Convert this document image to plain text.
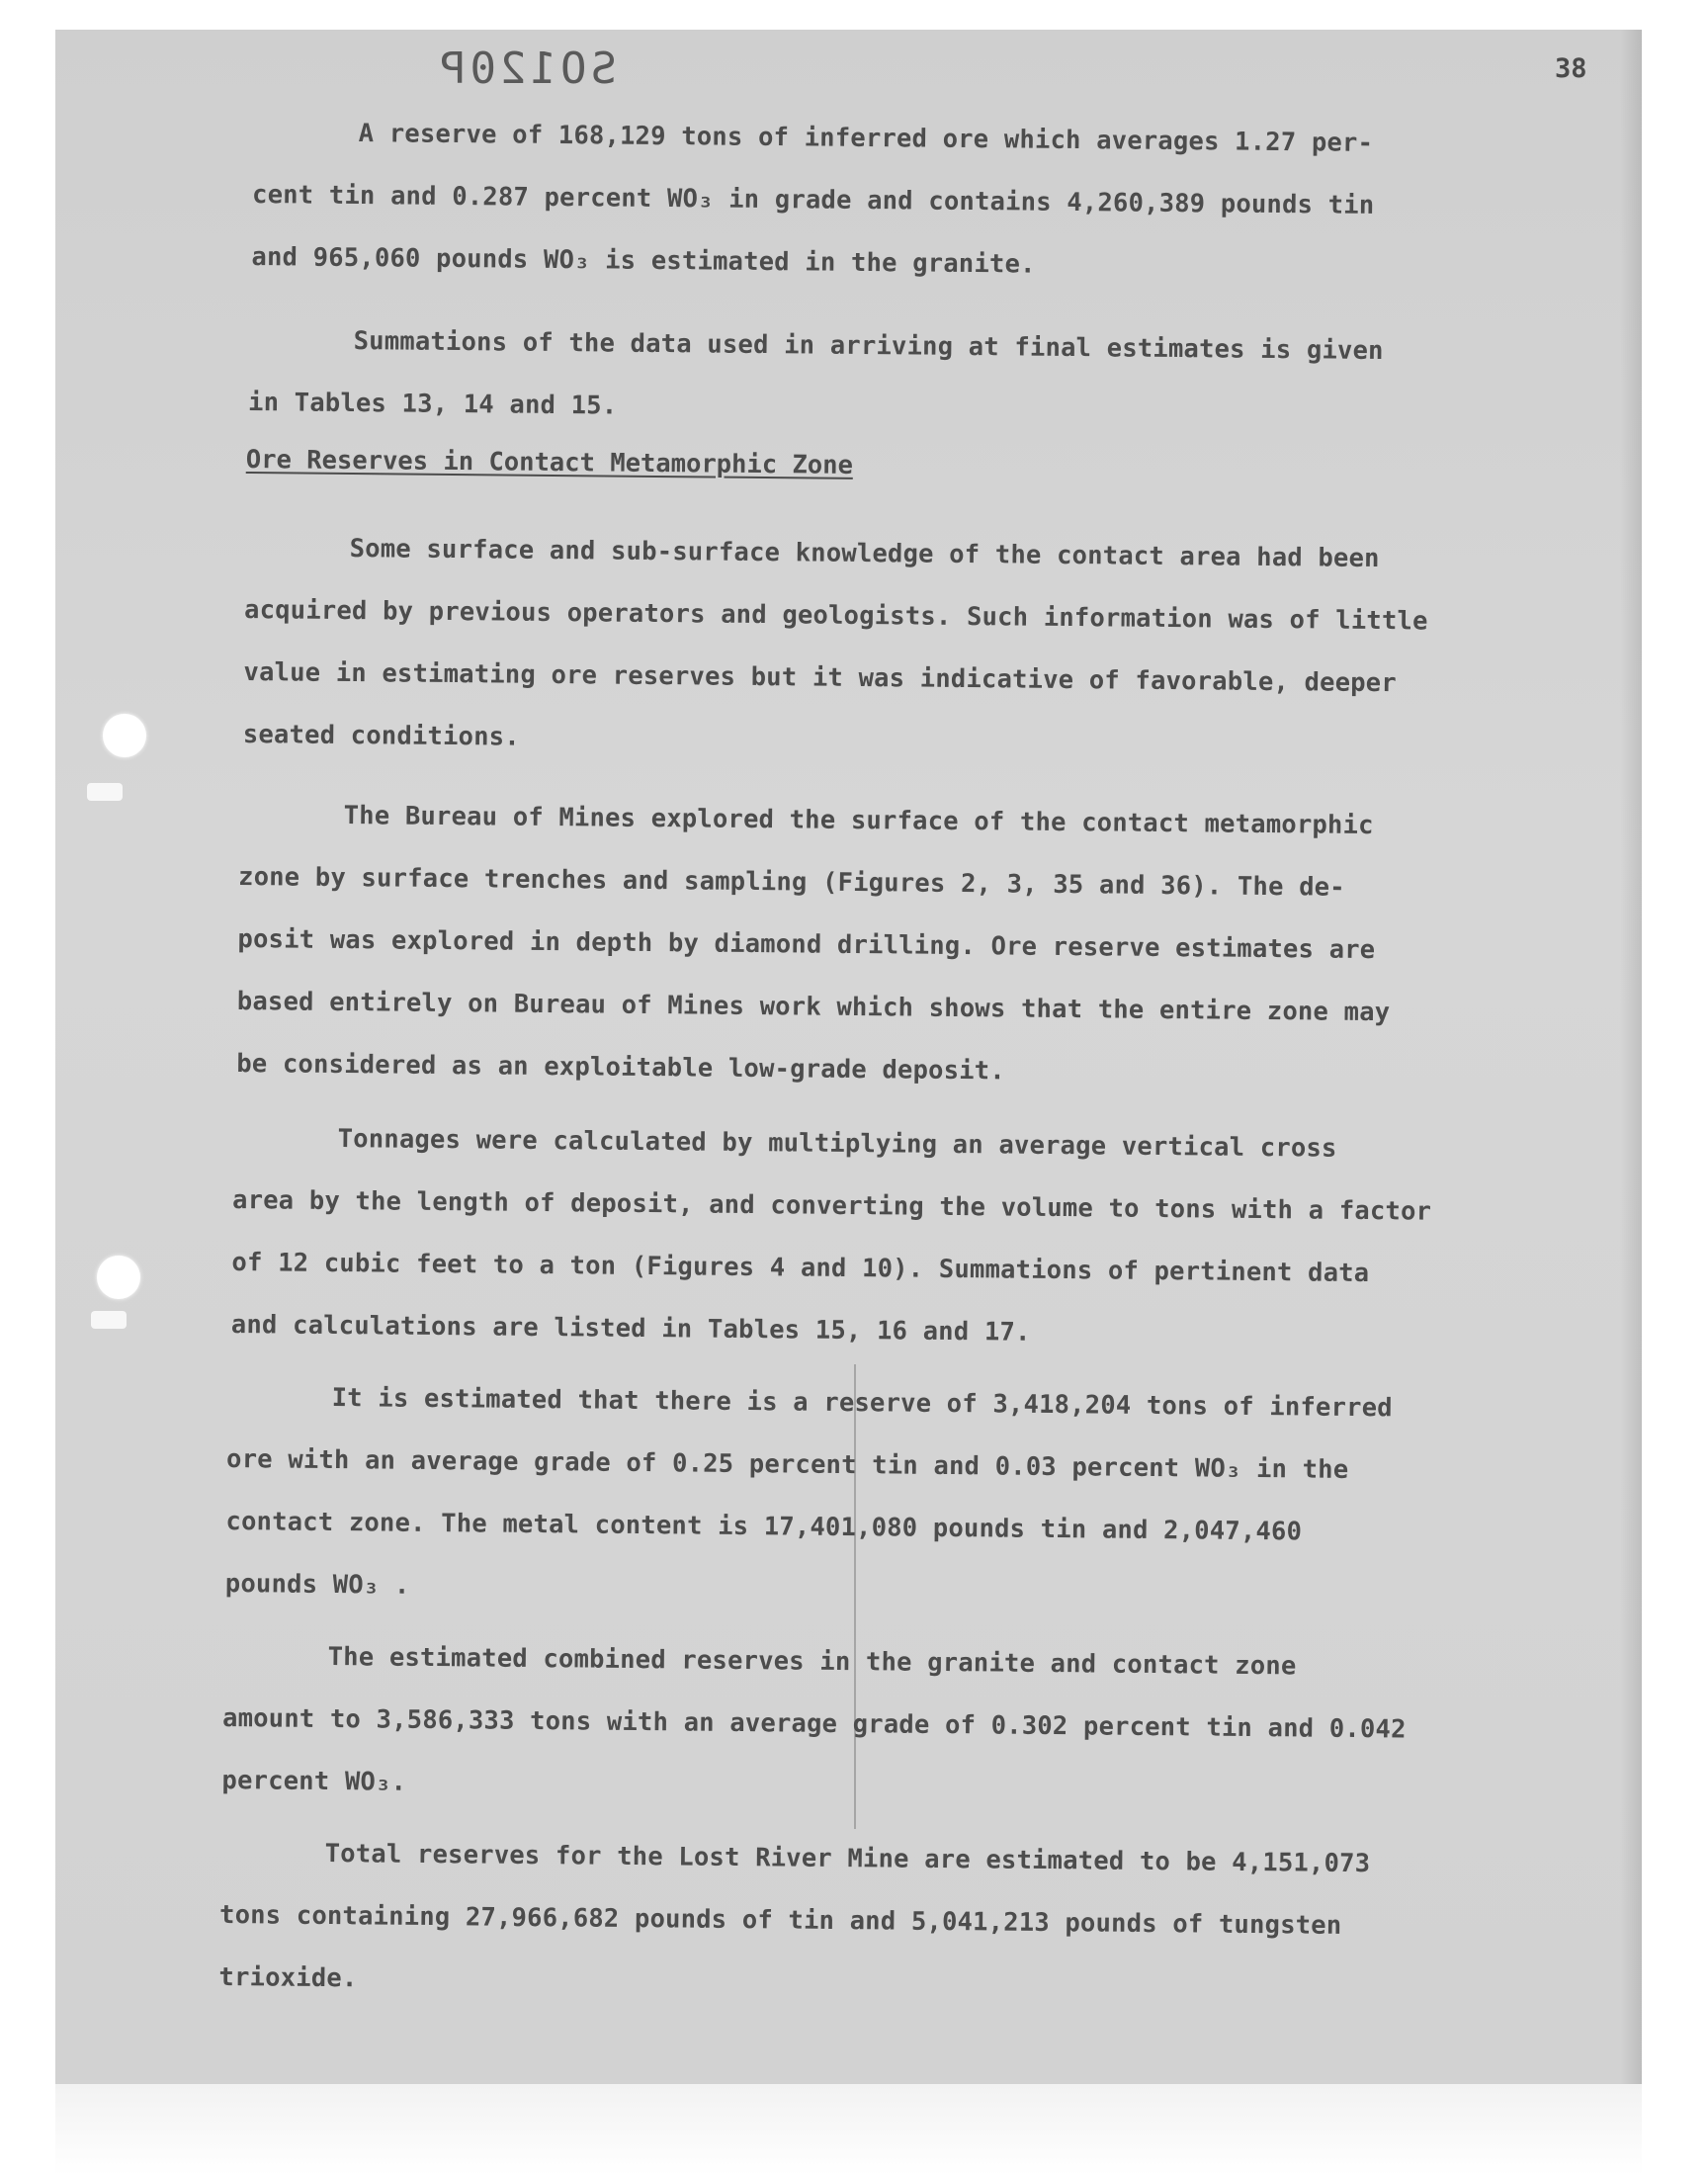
SO120P	38
A reserve of 168,129 tons of inferred ore which averages 1.27 per-
cent tin and 0.287 percent WO₃ in grade and contains 4,260,389 pounds tin
and 965,060 pounds WO₃ is estimated in the granite.
Summations of the data used in arriving at final estimates is given
in Tables 13, 14 and 15.
Ore Reserves in Contact Metamorphic Zone
Some surface and sub-surface knowledge of the contact area had been
acquired by previous operators and geologists. Such information was of little
value in estimating ore reserves but it was indicative of favorable, deeper
seated conditions.
The Bureau of Mines explored the surface of the contact metamorphic
zone by surface trenches and sampling (Figures 2, 3, 35 and 36). The de-
posit was explored in depth by diamond drilling. Ore reserve estimates are
based entirely on Bureau of Mines work which shows that the entire zone may
be considered as an exploitable low-grade deposit.
Tonnages were calculated by multiplying an average vertical cross
area by the length of deposit, and converting the volume to tons with a factor
of 12 cubic feet to a ton (Figures 4 and 10). Summations of pertinent data
and calculations are listed in Tables 15, 16 and 17.
It is estimated that there is a reserve of 3,418,204 tons of inferred
ore with an average grade of 0.25 percent tin and 0.03 percent WO₃ in the
contact zone. The metal content is 17,401,080 pounds tin and 2,047,460
pounds WO₃ .
The estimated combined reserves in the granite and contact zone
amount to 3,586,333 tons with an average grade of 0.302 percent tin and 0.042
percent WO₃.
Total reserves for the Lost River Mine are estimated to be 4,151,073
tons containing 27,966,682 pounds of tin and 5,041,213 pounds of tungsten
trioxide.
